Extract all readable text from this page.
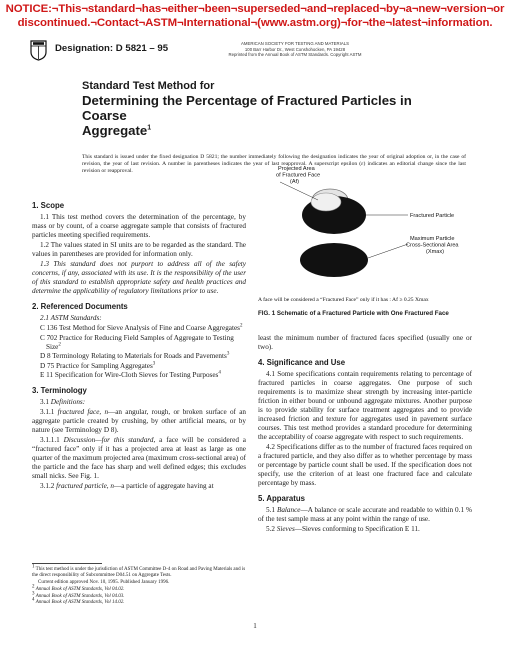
NOTICE:¬This¬standard¬has¬either¬been¬superseded¬and¬replaced¬by¬a¬new¬version¬or
discontinued.¬Contact¬ASTM¬International¬(www.astm.org)¬for¬the¬latest¬information.
Designation: D 5821 – 95	AMERICAN SOCIETY FOR TESTING AND MATERIALS
100 Barr Harbor Dr., West Conshohocken, PA 19428
Reprinted from the Annual Book of ASTM Standards. Copyright ASTM
Standard Test Method for
Determining the Percentage of Fractured Particles in Coarse
Aggregate$^1$
This standard is issued under the fixed designation D 5821; the number immediately following the designation indicates the year of original adoption or, in the case of revision, the year of last revision. A number in parentheses indicates the year of last reapproval. A superscript epsilon (ε) indicates an editorial change since the last revision or reapproval.
1. Scope
1.1 This test method covers the determination of the percentage, by mass or by count, of a coarse aggregate sample that consists of fractured particles meeting specified requirements.
1.2 The values stated in SI units are to be regarded as the standard. The values in parentheses are provided for information only.
1.3 This standard does not purport to address all of the safety concerns, if any, associated with its use. It is the responsibility of the user of this standard to establish appropriate safety and health practices and determine the applicability of regulatory limitations prior to use.
2. Referenced Documents
2.1 ASTM Standards:
C 136 Test Method for Sieve Analysis of Fine and Coarse Aggregates$^2$
C 702 Practice for Reducing Field Samples of Aggregate to Testing Size$^2$
D 8 Terminology Relating to Materials for Roads and Pavements$^3$
D 75 Practice for Sampling Aggregates$^3$
E 11 Specification for Wire-Cloth Sieves for Testing Purposes$^4$
3. Terminology
3.1 Definitions:
3.1.1 fractured face, n—an angular, rough, or broken surface of an aggregate particle created by crushing, by other artificial means, or by nature (see Terminology D 8).
3.1.1.1 Discussion—for this standard, a face will be considered a “fractured face” only if it has a projected area at least as large as one quarter of the maximum projected area (maximum cross-sectional area) of the particle and the face has sharp and well defined edges; this excludes small nicks. See Fig. 1.
3.1.2 fractured particle, n—a particle of aggregate having at
$^1$ This test method is under the jurisdiction of ASTM Committee D-4 on Road and Paving Materials and is the direct responsibility of Subcommittee D04.51 on Aggregate Tests.
Current edition approved Nov. 10, 1995. Published January 1996.
$^2$ Annual Book of ASTM Standards, Vol 04.02.
$^3$ Annual Book of ASTM Standards, Vol 04.03.
$^4$ Annual Book of ASTM Standards, Vol 14.02.
Projected Area
of Fractured Face
(Af)
Fractured Particle
Maximum Particle
Cross-Sectional Area
(Xmax)
A face will be considered a “Fractured Face” only if it has : Af ≥ 0.25 Xmax
FIG. 1 Schematic of a Fractured Particle with One Fractured Face
least the minimum number of fractured faces specified (usually one or two).
4. Significance and Use
4.1 Some specifications contain requirements relating to percentage of fractured particles in coarse aggregates. One purpose of such requirements is to maximize shear strength by increasing inter-particle friction in either bound or unbound aggregate mixtures. Another purpose is to provide stability for surface treatment aggregates and to provide increased friction and texture for aggregates used in pavement surface courses. This test method provides a standard procedure for determining the acceptability of coarse aggregate with respect to such requirements.
4.2 Specifications differ as to the number of fractured faces required on a fractured particle, and they also differ as to whether percentage by mass or percentage by particle count shall be used. If the specification does not specify, use the criterion of at least one fractured face and calculate percentage by mass.
5. Apparatus
5.1 Balance—A balance or scale accurate and readable to within 0.1 % of the test sample mass at any point within the range of use.
5.2 Sieves—Sieves conforming to Specification E 11.
1
